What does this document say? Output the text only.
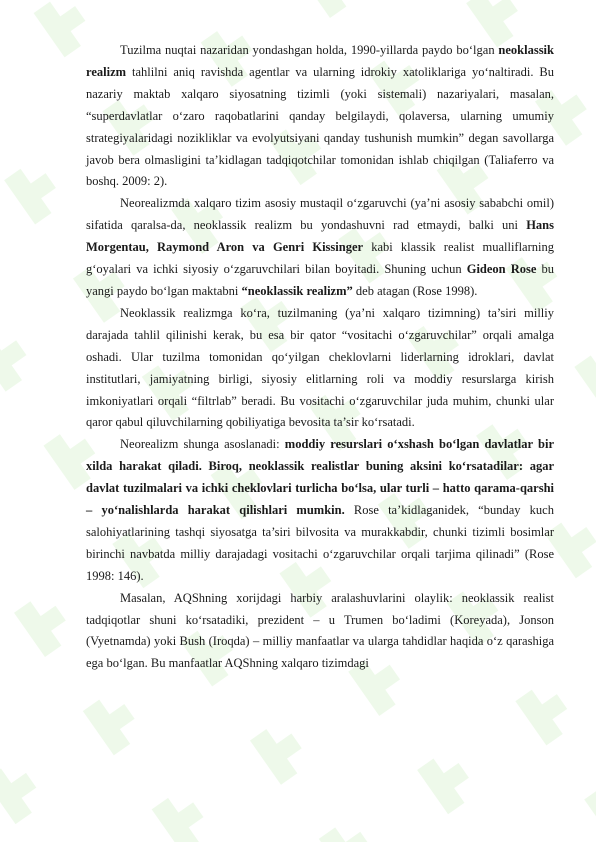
Tuzilma nuqtai nazaridan yondashgan holda, 1990-yillarda paydo bo‘lgan neoklassik realizm tahlilni aniq ravishda agentlar va ularning idrokiy xatoliklariga yo‘naltiradi. Bu nazariy maktab xalqaro siyosatning tizimli (yoki sistemali) nazariyalari, masalan, “superdavlatlar o‘zaro raqobatlarini qanday belgilaydi, qolaversa, ularning umumiy strategiyalaridagi nozikliklar va evolyutsiyani qanday tushunish mumkin” degan savollarga javob bera olmasligini ta’kidlagan tadqiqotchilar tomonidan ishlab chiqilgan (Taliaferro va boshq. 2009: 2).

Neorealizmda xalqaro tizim asosiy mustaqil o‘zgaruvchi (ya’ni asosiy sababchi omil) sifatida qaralsa-da, neoklassik realizm bu yondashuvni rad etmaydi, balki uni Hans Morgentau, Raymond Aron va Genri Kissinger kabi klassik realist mualliflarning g‘oyalari va ichki siyosiy o‘zgaruvchilari bilan boyitadi. Shuning uchun Gideon Rose bu yangi paydo bo‘lgan maktabni “neoklassik realizm” deb atagan (Rose 1998).

Neoklassik realizmga ko‘ra, tuzilmaning (ya’ni xalqaro tizimning) ta’siri milliy darajada tahlil qilinishi kerak, bu esa bir qator “vositachi o‘zgaruvchilar” orqali amalga oshadi. Ular tuzilma tomonidan qo‘yilgan cheklovlarni liderlarning idroklari, davlat institutlari, jamiyatning birligi, siyosiy elitlarning roli va moddiy resurslarga kirish imkoniyatlari orqali “filtrlab” beradi. Bu vositachi o‘zgaruvchilar juda muhim, chunki ular qaror qabul qiluvchilarning qobiliyatiga bevosita ta’sir ko‘rsatadi.

Neorealizm shunga asoslanadi: moddiy resurslari o‘xshash bo‘lgan davlatlar bir xilda harakat qiladi. Biroq, neoklassik realistlar buning aksini ko‘rsatadilar: agar davlat tuzilmalari va ichki cheklovlari turlicha bo‘lsa, ular turli – hatto qarama-qarshi – yo‘nalishlarda harakat qilishlari mumkin. Rose ta’kidlaganidek, “bunday kuch salohiyatlarining tashqi siyosatga ta’siri bilvosita va murakkabdir, chunki tizimli bosimlar birinchi navbatda milliy darajadagi vositachi o‘zgaruvchilar orqali tarjima qilinadi” (Rose 1998: 146).

Masalan, AQShning xorijdagi harbiy aralashuvlarini olaylik: neoklassik realist tadqiqotlar shuni ko‘rsatadiki, prezident – u Trumen bo‘ladimi (Koreyada), Jonson (Vyetnamda) yoki Bush (Iroqda) – milliy manfaatlar va ularga tahdidlar haqida o‘z qarashiga ega bo‘lgan. Bu manfaatlar AQShning xalqaro tizimdagi
